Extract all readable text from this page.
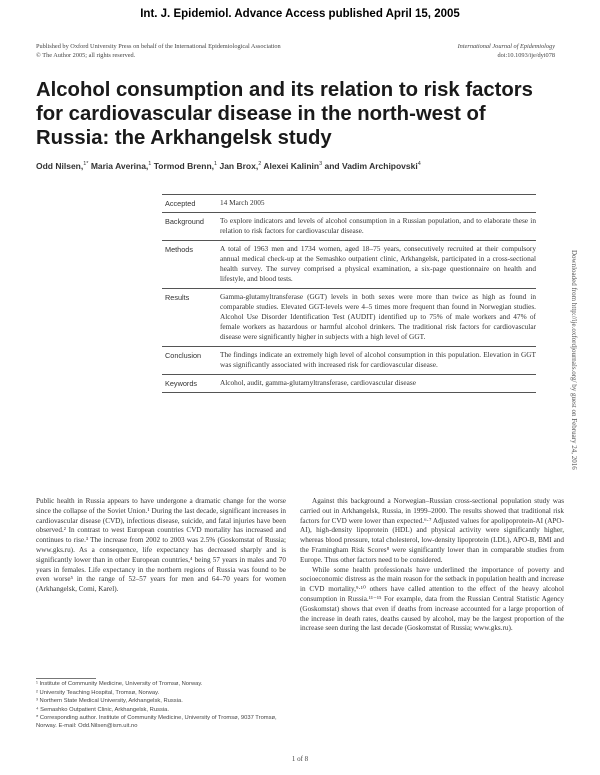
Int. J. Epidemiol. Advance Access published April 15, 2005
Published by Oxford University Press on behalf of the International Epidemiological Association
© The Author 2005; all rights reserved.
International Journal of Epidemiology
doi:10.1093/ije/dyi078
Alcohol consumption and its relation to risk factors for cardiovascular disease in the north-west of Russia: the Arkhangelsk study
Odd Nilsen,$^{1*}$ Maria Averina,$^1$ Tormod Brenn,$^1$ Jan Brox,$^2$ Alexei Kalinin$^3$ and Vadim Archipovski$^4$
Accepted	14 March 2005
Background	To explore indicators and levels of alcohol consumption in a Russian population, and to elaborate these in relation to risk factors for cardiovascular disease.
Methods	A total of 1963 men and 1734 women, aged 18–75 years, consecutively recruited at their compulsory annual medical check-up at the Semashko outpatient clinic, Arkhangelsk, participated in a cross-sectional health survey. The survey comprised a physical examination, a six-page questionnaire on health and lifestyle, and blood tests.
Results	Gamma-glutamyltransferase (GGT) levels in both sexes were more than twice as high as found in comparable studies. Elevated GGT-levels were 4–5 times more frequent than found in Norwegian studies. Alcohol Use Disorder Identification Test (AUDIT) identified up to 75% of male workers and 47% of female workers as hazardous or harmful alcohol drinkers. The traditional risk factors for cardiovascular disease were significantly higher in subjects with a high level of GGT.
Conclusion	The findings indicate an extremely high level of alcohol consumption in this population. Elevation in GGT was significantly associated with increased risk for cardiovascular disease.
Keywords	Alcohol, audit, gamma-glutamyltransferase, cardiovascular disease	Downloaded from http://ije.oxfordjournals.org/ by guest on February 24, 2016

Public health in Russia appears to have undergone a dramatic change for the worse since the collapse of the Soviet Union.¹ During the last decade, significant increases in cardiovascular disease (CVD), infectious disease, suicide, and fatal injuries have been observed.² In contrast to west European countries CVD mortality has increased and continues to rise.³ The increase from 2002 to 2003 was 2.5% (Goskomstat of Russia; www.gks.ru). As a consequence, life expectancy has decreased sharply and is significantly lower than in other European countries,⁴ being 57 years in males and 70 years in females. Life expectancy in the northern regions of Russia was found to be even worse⁵ in the range of 52–57 years for men and 64–70 years for women (Arkhangelsk, Comi, Karel).

Against this background a Norwegian–Russian cross-sectional population study was carried out in Arkhangelsk, Russia, in 1999–2000. The results showed that traditional risk factors for CVD were lower than expected.⁶·⁷ Adjusted values for apolipoprotein-AI (APO-AI), high-density lipoprotein (HDL) and physical activity were significantly higher, whereas blood pressure, total cholesterol, low-density lipoprotein (LDL), APO-B, BMI and the Framingham Risk Scores⁸ were significantly lower than in comparable studies from Europe. Thus other factors need to be considered.

While some health professionals have underlined the importance of poverty and socioeconomic distress as the main reason for the setback in population health and increase in CVD mortality,⁹·¹⁰ others have called attention to the effect of the heavy alcohol consumption in Russia.¹¹⁻¹⁵ For example, data from the Russian Central Statistic Agency (Goskomstat) shows that even if deaths from increase accounted for a large proportion of the increase in death rates, deaths caused by alcohol, may be the largest proportion of the increase seen during the last decade (Goskomstat of Russia; www.gks.ru).

¹ Institute of Community Medicine, University of Tromsø, Norway.
² University Teaching Hospital, Tromsø, Norway.
³ Northern State Medical University, Arkhangelsk, Russia.
⁴ Semashko Outpatient Clinic, Arkhangelsk, Russia.
* Corresponding author. Institute of Community Medicine, University of Tromsø, 9037 Tromsø, Norway. E-mail: Odd.Nilsen@ism.uit.no
1 of 8
